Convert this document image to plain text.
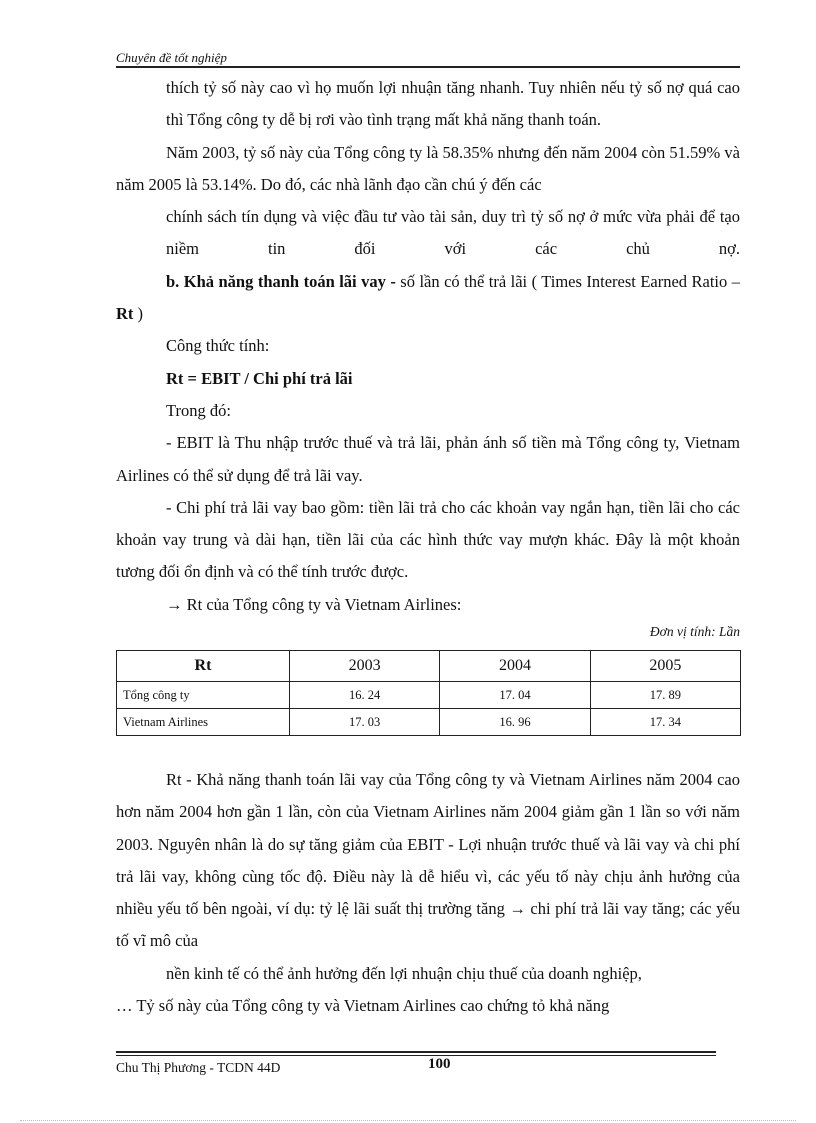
Chuyên đề tốt nghiệp

thích tỷ số này cao vì họ muốn lợi nhuận tăng nhanh. Tuy nhiên nếu tỷ số nợ quá cao thì Tổng công ty dễ bị rơi vào tình trạng mất khả năng thanh toán.

Năm 2003, tỷ số này của Tổng công ty là 58.35% nhưng đến năm 2004 còn 51.59% và năm 2005 là 53.14%. Do đó, các nhà lãnh đạo cần chú ý đến các

chính sách tín dụng và việc đầu tư vào tài sản, duy trì tỷ số nợ ở mức vừa phải để tạo niềm tin đối với các chủ nợ.

b. Khả năng thanh toán lãi vay - số lần có thể trả lãi ( Times Interest Earned Ratio – Rt )

Công thức tính:

Rt = EBIT / Chi phí trả lãi

Trong đó:

- EBIT là Thu nhập trước thuế và trả lãi, phản ánh số tiền mà Tổng công ty, Vietnam Airlines có thể sử dụng để trả lãi vay.

- Chi phí trả lãi vay bao gồm: tiền lãi trả cho các khoản vay ngắn hạn, tiền lãi cho các khoản vay trung và dài hạn, tiền lãi của các hình thức vay mượn khác. Đây là một khoản tương đối ổn định và có thể tính trước được.

→ Rt của Tổng công ty và Vietnam Airlines:

Đơn vị tính: Lần
Rt	2003	2004	2005
Tổng công ty	16. 24	17. 04	17. 89
Vietnam Airlines	17. 03	16. 96	17. 34

Rt - Khả năng thanh toán lãi vay của Tổng công ty và Vietnam Airlines năm 2004 cao hơn năm 2004 hơn gần 1 lần, còn của Vietnam Airlines năm 2004 giảm gần 1 lần so với năm 2003. Nguyên nhân là do sự tăng giảm của EBIT - Lợi nhuận trước thuế và lãi vay và chi phí trả lãi vay, không cùng tốc độ. Điều này là dễ hiểu vì, các yếu tố này chịu ảnh hưởng của nhiều yếu tố bên ngoài, ví dụ: tỷ lệ lãi suất thị trường tăng → chi phí trả lãi vay tăng; các yếu tố vĩ mô của

nền kinh tế có thể ảnh hưởng đến lợi nhuận chịu thuế của doanh nghiệp,

… Tỷ số này của Tổng công ty và Vietnam Airlines cao chứng tỏ khả năng

Chu Thị Phương - TCDN 44D	100
